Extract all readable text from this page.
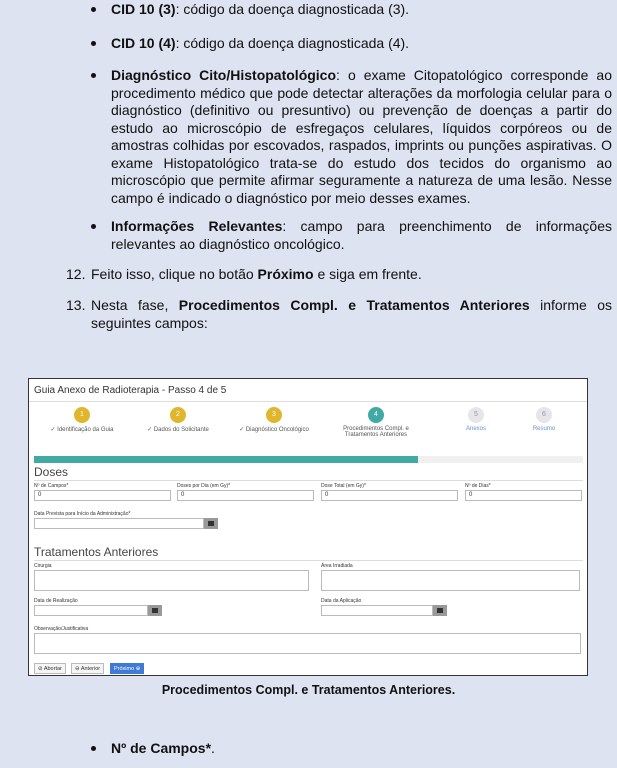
CID 10 (3): código da doença diagnosticada (3).
CID 10 (4): código da doença diagnosticada (4).
Diagnóstico Cito/Histopatológico: o exame Citopatológico corresponde ao procedimento médico que pode detectar alterações da morfologia celular para o diagnóstico (definitivo ou presuntivo) ou prevenção de doenças a partir do estudo ao microscópio de esfregaços celulares, líquidos corpóreos ou de amostras colhidas por escovados, raspados, imprints ou punções aspirativas. O exame Histopatológico trata-se do estudo dos tecidos do organismo ao microscópio que permite afirmar seguramente a natureza de uma lesão. Nesse campo é indicado o diagnóstico por meio desses exames.
Informações Relevantes: campo para preenchimento de informações relevantes ao diagnóstico oncológico.
12. Feito isso, clique no botão Próximo e siga em frente.
13. Nesta fase, Procedimentos Compl. e Tratamentos Anteriores informe os seguintes campos:
Guia Anexo de Radioterapia - Passo 4 de 5
1
✓ Identificação da Guia
2
✓ Dados do Solicitante
3
✓ Diagnóstico Oncológico
4
Procedimentos Compl. e Tratamentos Anteriores
5
Anexos
6
Resumo
Doses
Nº de Campos*
0
Doses por Dia (em Gy)*
0
Dose Total (em Gy)*
0
Nº de Dias*
0
Data Prevista para Início da Administração*
Tratamentos Anteriores
Cirurgia	Área Irradiada
Data de Realização	Data da Aplicação
Observação/Justificativa
⊘ Abortar	⊖ Anterior	Próximo ⊕
Procedimentos Compl. e Tratamentos Anteriores.
Nº de Campos*.
